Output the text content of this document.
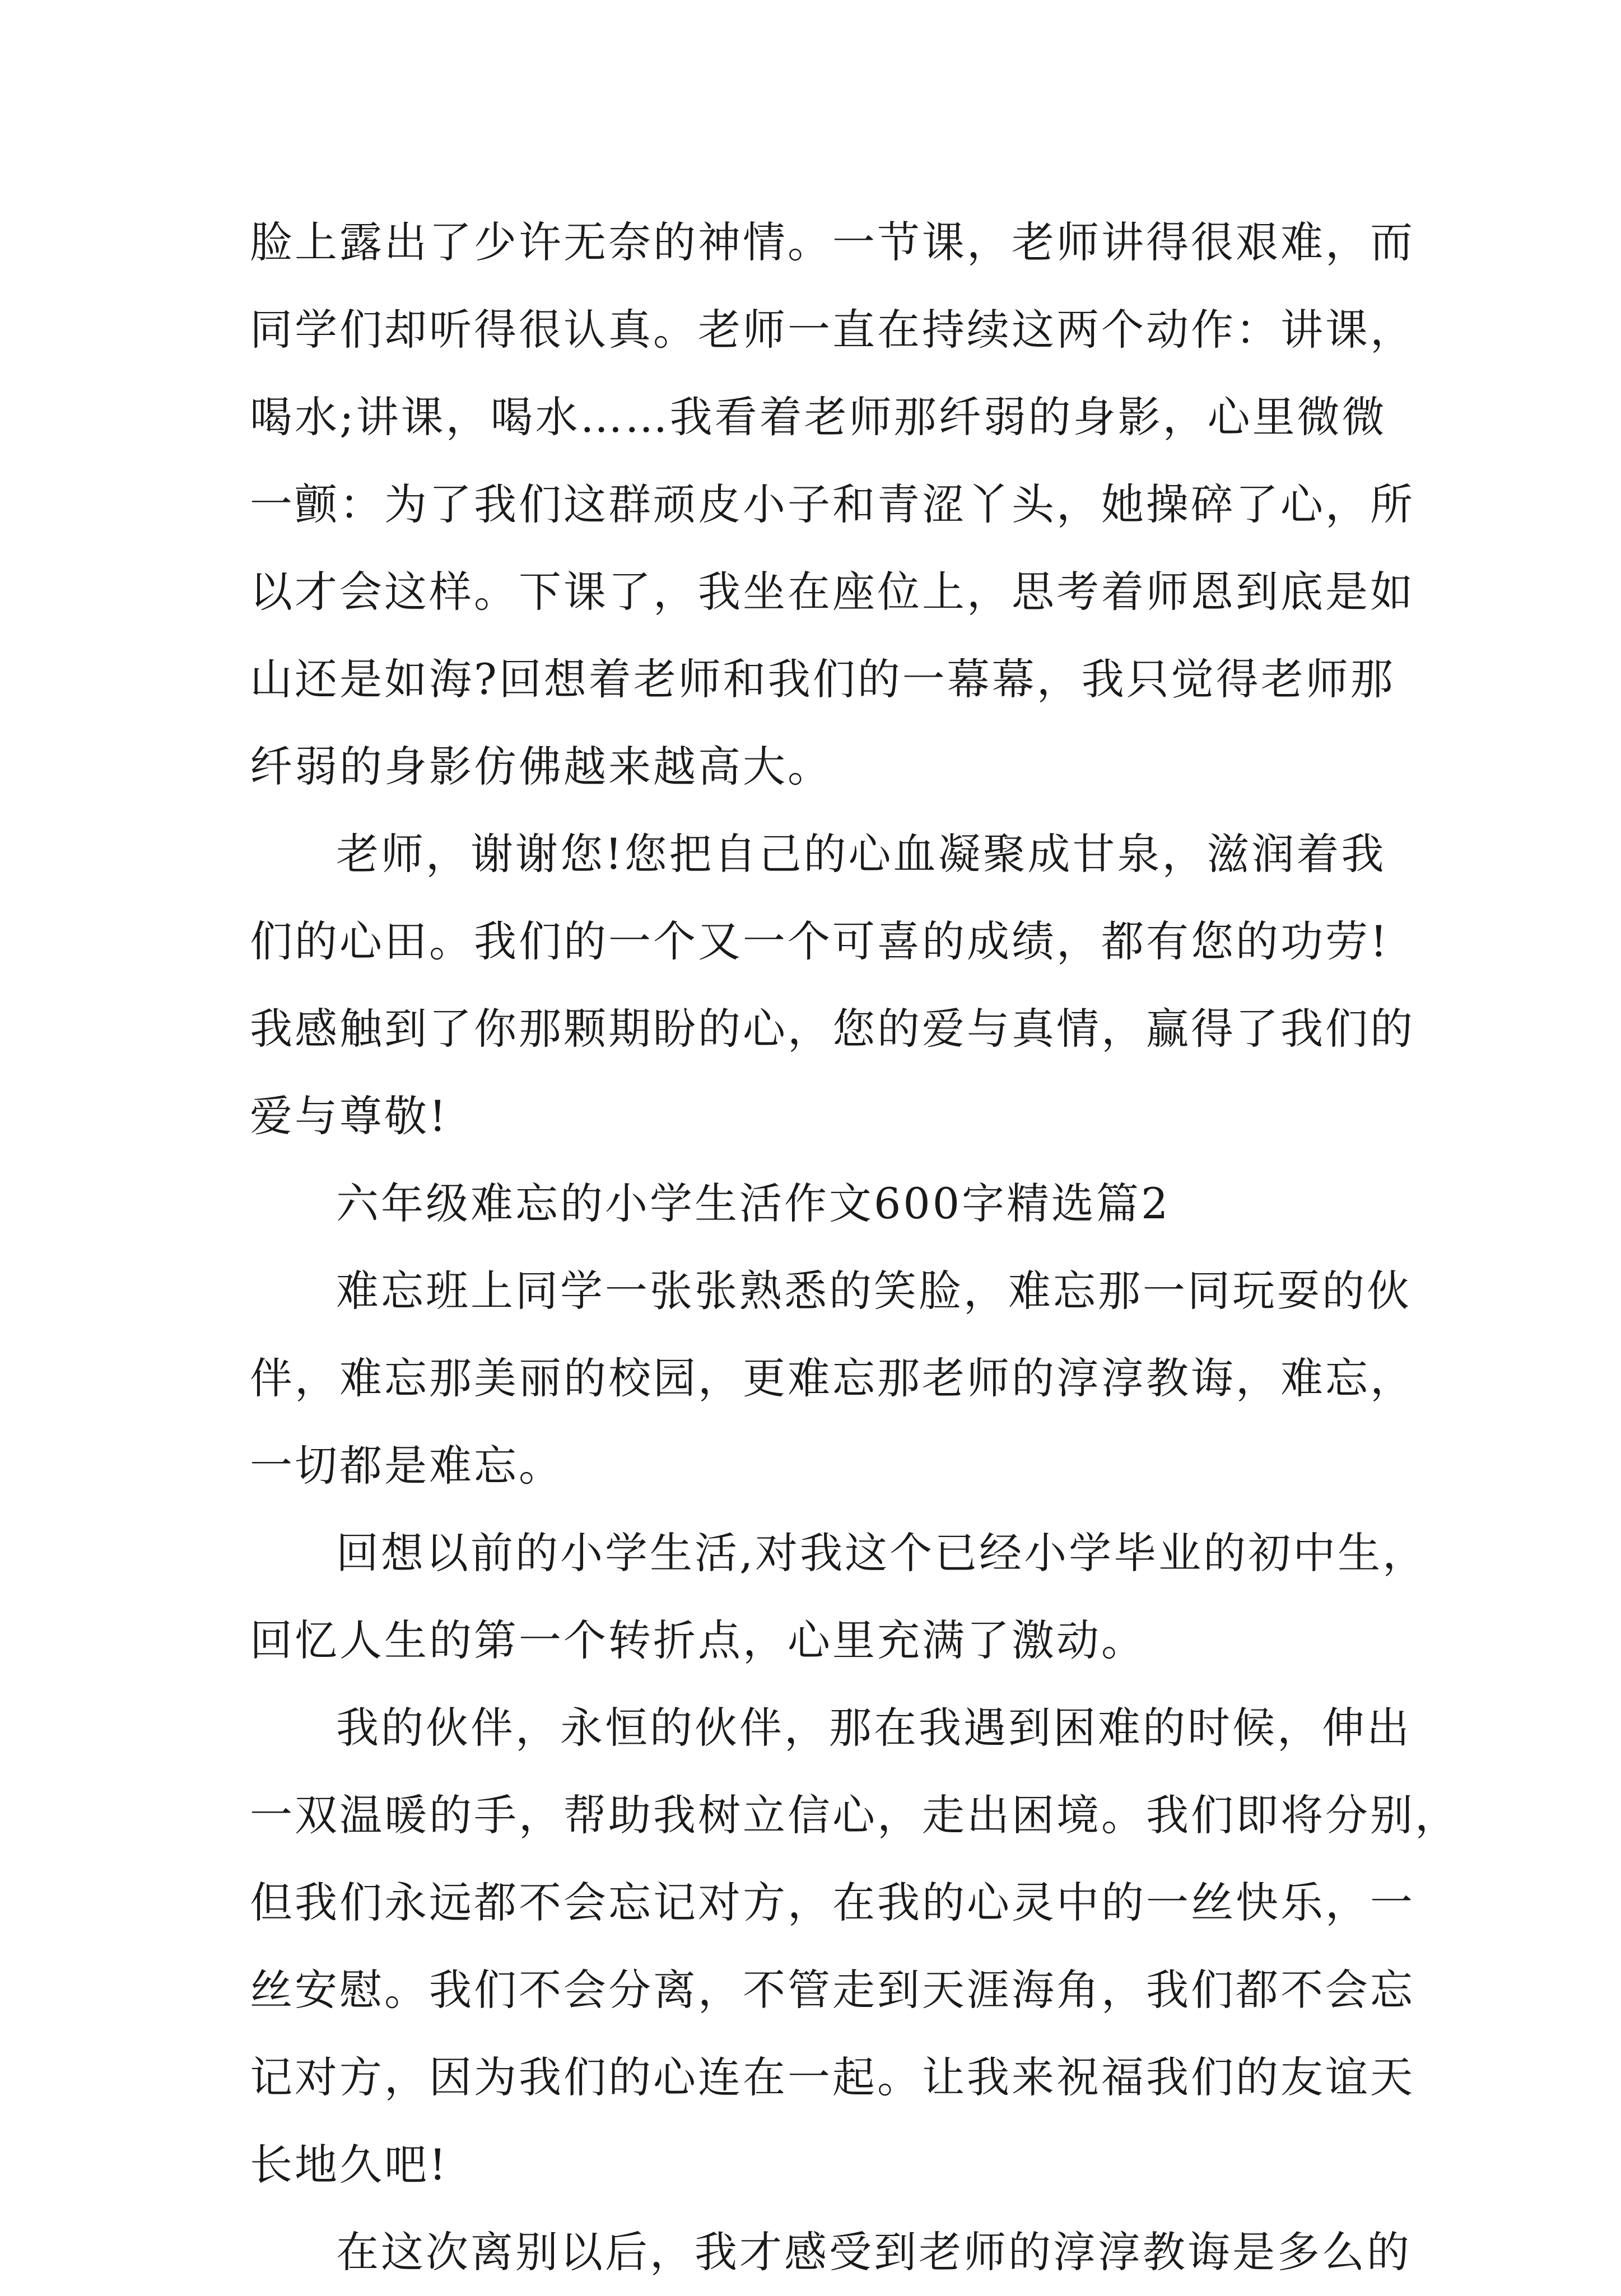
脸上露出了少许无奈的神情。一节课，老师讲得很艰难，而
同学们却听得很认真。老师一直在持续这两个动作：讲课，
喝水;讲课，喝水……我看着老师那纤弱的身影，心里微微
一颤：为了我们这群顽皮小子和青涩丫头，她操碎了心，所
以才会这样。下课了，我坐在座位上，思考着师恩到底是如
山还是如海?回想着老师和我们的一幕幕，我只觉得老师那
纤弱的身影仿佛越来越高大。
老师，谢谢您!您把自己的心血凝聚成甘泉，滋润着我
们的心田。我们的一个又一个可喜的成绩，都有您的功劳!
我感触到了你那颗期盼的心，您的爱与真情，赢得了我们的
爱与尊敬!
六年级难忘的小学生活作文600字精选篇2
难忘班上同学一张张熟悉的笑脸，难忘那一同玩耍的伙
伴，难忘那美丽的校园，更难忘那老师的淳淳教诲，难忘，
一切都是难忘。
回想以前的小学生活,对我这个已经小学毕业的初中生，
回忆人生的第一个转折点，心里充满了激动。
我的伙伴，永恒的伙伴，那在我遇到困难的时候，伸出
一双温暖的手，帮助我树立信心，走出困境。我们即将分别，
但我们永远都不会忘记对方，在我的心灵中的一丝快乐，一
丝安慰。我们不会分离，不管走到天涯海角，我们都不会忘
记对方，因为我们的心连在一起。让我来祝福我们的友谊天
长地久吧!
在这次离别以后，我才感受到老师的淳淳教诲是多么的
